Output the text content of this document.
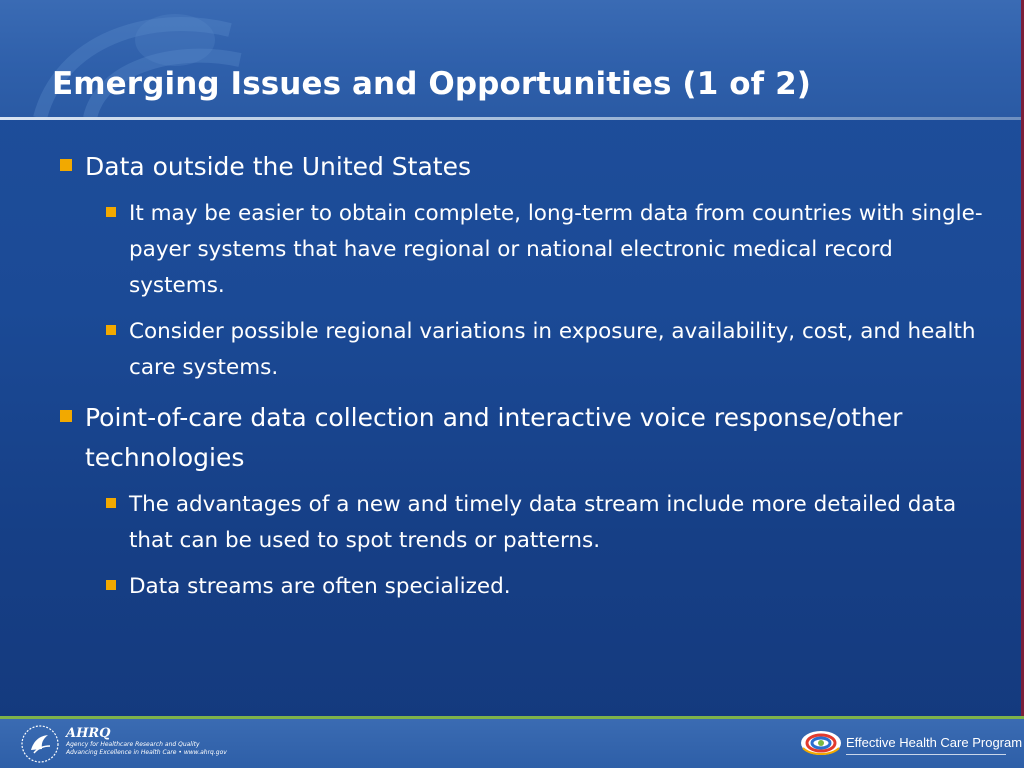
Emerging Issues and Opportunities (1 of 2)
Data outside the United States
It may be easier to obtain complete, long-term data from countries with single-payer systems that have regional or national electronic medical record systems.
Consider possible regional variations in exposure, availability, cost, and health care systems.
Point-of-care data collection and interactive voice response/other technologies
The advantages of a new and timely data stream include more detailed data that can be used to spot trends or patterns.
Data streams are often specialized.
AHRQ
Agency for Healthcare Research and Quality
Advancing Excellence in Health Care • www.ahrq.gov
Effective Health Care Program
